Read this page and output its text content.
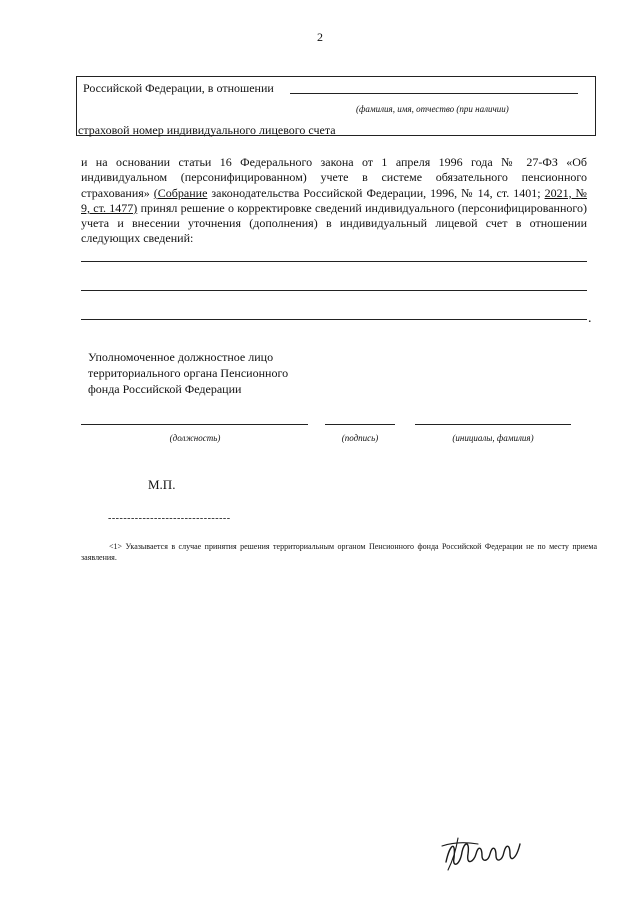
2
Российской Федерации, в отношении
(фамилия, имя, отчество (при наличии)
страховой номер индивидуального лицевого счета
и на основании статьи 16 Федерального закона от 1 апреля 1996 года № 27-ФЗ «Об индивидуальном (персонифицированном) учете в системе обязательного пенсионного страхования» (Собрание законодательства Российской Федерации, 1996, № 14, ст. 1401; 2021, № 9, ст. 1477) принял решение о корректировке сведений индивидуального (персонифицированного) учета и внесении уточнения (дополнения) в индивидуальный лицевой счет в отношении следующих сведений:
.
Уполномоченное должностное лицо
территориального органа Пенсионного
фонда Российской Федерации
(должность)	(подпись)	(инициалы, фамилия)
М.П.
--------------------------------
<1> Указывается в случае принятия решения территориальным органом Пенсионного фонда Российской Федерации не по месту приема заявления.
